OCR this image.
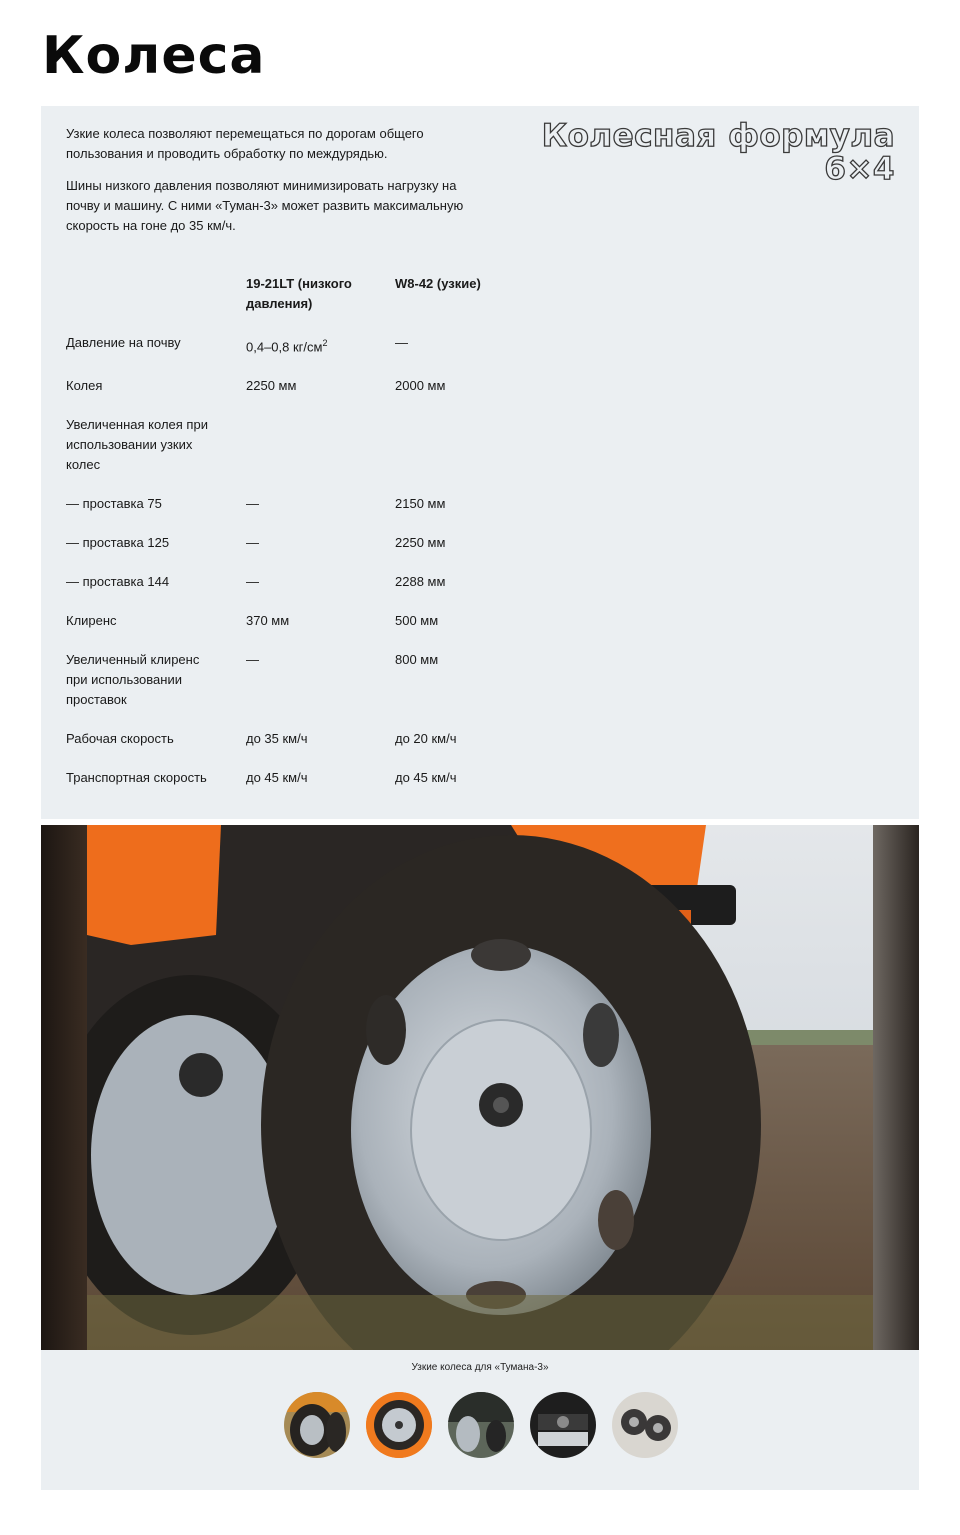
Колеса

Узкие колеса позволяют перемещаться по дорогам общего пользования и проводить обработку по междурядью.

Шины низкого давления позволяют минимизировать нагрузку на почву и машину. С ними «Туман-3» может развить максимальную скорость на гоне до 35 км/ч.

Колесная формула
6×4
	19-21LT (низкого давления)	W8-42 (узкие)

Давление на почву	0,4–0,8 $кг/см^2$	—

Колея	2250 мм	2000 мм

Увеличенная колея при использовании узких колес		

— проставка 75	—	2150 мм

— проставка 125	—	2250 мм

— проставка 144	—	2288 мм

Клиренс	370 мм	500 мм

Увеличенный клиренс при использовании проставок	—	800 мм

Рабочая скорость	до 35 км/ч	до 20 км/ч

Транспортная скорость	до 45 км/ч	до 45 км/ч
Узкие колеса для «Тумана-3»
